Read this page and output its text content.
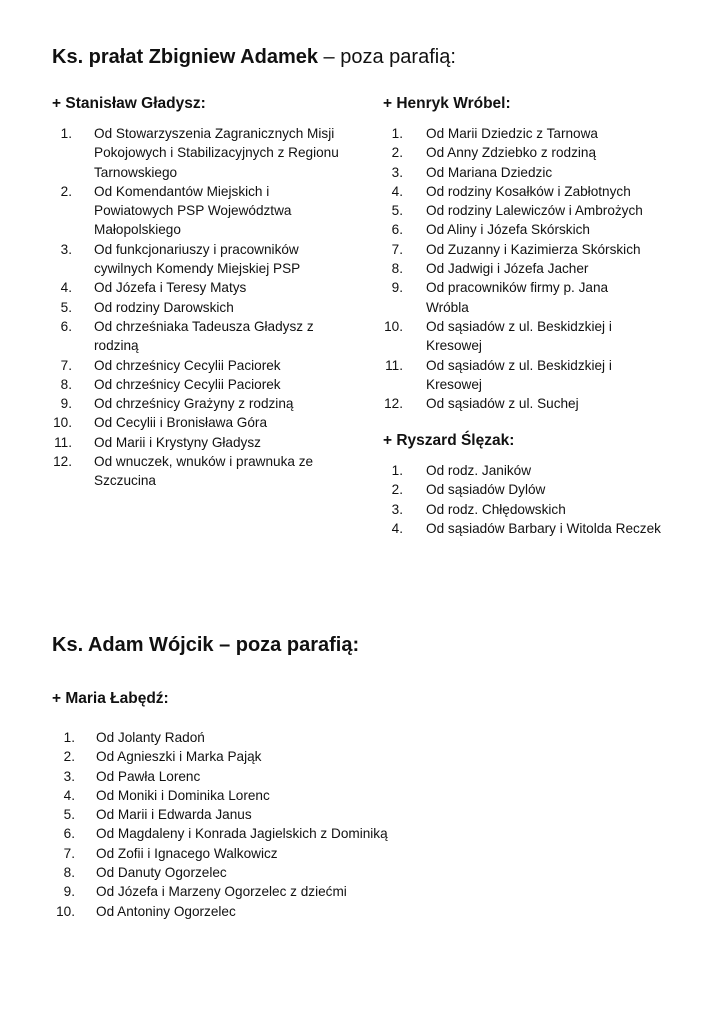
Ks. prałat Zbigniew Adamek – poza parafią:
+ Stanisław Gładysz:
1. Od Stowarzyszenia Zagranicznych Misji Pokojowych i Stabilizacyjnych z Regionu Tarnowskiego
2. Od Komendantów Miejskich i Powiatowych PSP Województwa Małopolskiego
3. Od funkcjonariuszy i pracowników cywilnych Komendy Miejskiej PSP
4. Od Józefa i Teresy Matys
5. Od rodziny Darowskich
6. Od chrześniaka Tadeusza Gładysz z rodziną
7. Od chrześnicy Cecylii Paciorek
8. Od chrześnicy Cecylii Paciorek
9. Od chrześnicy Grażyny z rodziną
10. Od Cecylii i Bronisława Góra
11. Od Marii i Krystyny Gładysz
12. Od wnuczek, wnuków i prawnuka ze Szczucina
+ Henryk Wróbel:
1. Od Marii Dziedzic z Tarnowa
2. Od Anny Zdziebko z rodziną
3. Od Mariana Dziedzic
4. Od rodziny Kosałków i Zabłotnych
5. Od rodziny Lalewiczów i Ambrożych
6. Od Aliny i Józefa Skórskich
7. Od Zuzanny i Kazimierza Skórskich
8. Od Jadwigi i Józefa Jacher
9. Od pracowników firmy p. Jana Wróbla
10. Od sąsiadów z ul. Beskidzkiej i Kresowej
11. Od sąsiadów z ul. Beskidzkiej i Kresowej
12. Od sąsiadów z ul. Suchej
+ Ryszard Ślęzak:
1. Od rodz. Janików
2. Od sąsiadów Dylów
3. Od rodz. Chłędowskich
4. Od sąsiadów Barbary i Witolda Reczek
Ks. Adam Wójcik – poza parafią:
+ Maria Łabędź:
1. Od Jolanty Radoń
2. Od Agnieszki i Marka Pająk
3. Od Pawła Lorenc
4. Od Moniki i Dominika Lorenc
5. Od Marii i Edwarda Janus
6. Od Magdaleny i Konrada Jagielskich z Dominiką
7. Od Zofii i Ignacego Walkowicz
8. Od Danuty Ogorzelec
9. Od Józefa i Marzeny Ogorzelec z dziećmi
10. Od Antoniny Ogorzelec
